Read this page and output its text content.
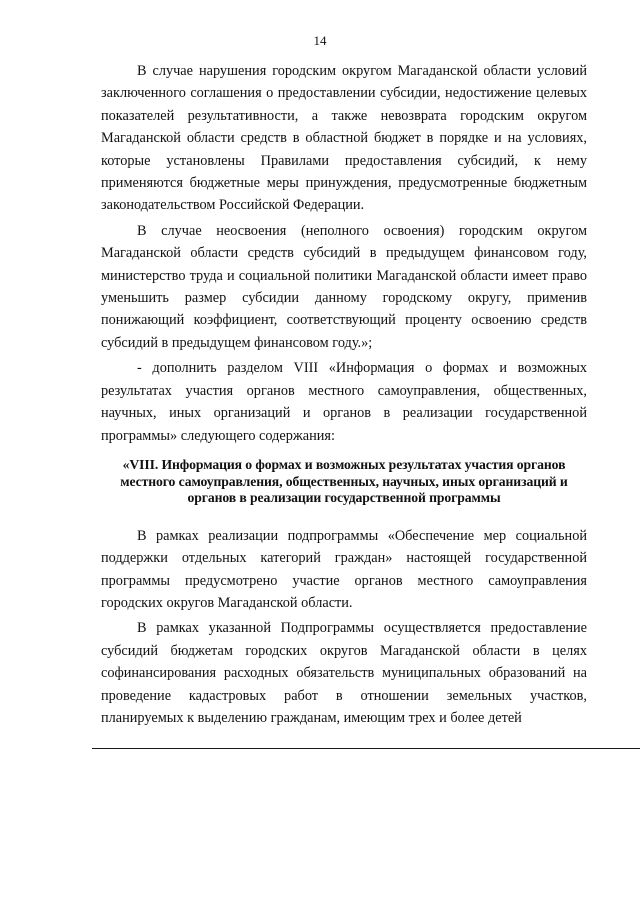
14

В случае нарушения городским округом Магаданской области условий заключенного соглашения о предоставлении субсидии, недостижение целевых показателей результативности, а также невозврата городским округом Магаданской области средств в областной бюджет в порядке и на условиях, которые установлены Правилами предоставления субсидий, к нему применяются бюджетные меры принуждения, предусмотренные бюджетным законодательством Российской Федерации.

В случае неосвоения (неполного освоения) городским округом Магаданской области средств субсидий в предыдущем финансовом году, министерство труда и социальной политики Магаданской области имеет право уменьшить размер субсидии данному городскому округу, применив понижающий коэффициент, соответствующий проценту освоению средств субсидий в предыдущем финансовом году.»;

- дополнить разделом VIII «Информация о формах и возможных результатах участия органов местного самоуправления, общественных, научных, иных организаций и органов в реализации государственной программы» следующего содержания:

«VIII. Информация о формах и возможных результатах участия органов местного самоуправления, общественных, научных, иных организаций и органов в реализации государственной программы

В рамках реализации подпрограммы «Обеспечение мер социальной поддержки отдельных категорий граждан» настоящей государственной программы предусмотрено участие органов местного самоуправления городских округов Магаданской области.

В рамках указанной Подпрограммы осуществляется предоставление субсидий бюджетам городских округов Магаданской области в целях софинансирования расходных обязательств муниципальных образований на проведение кадастровых работ в отношении земельных участков, планируемых к выделению гражданам, имеющим трех и более детей
